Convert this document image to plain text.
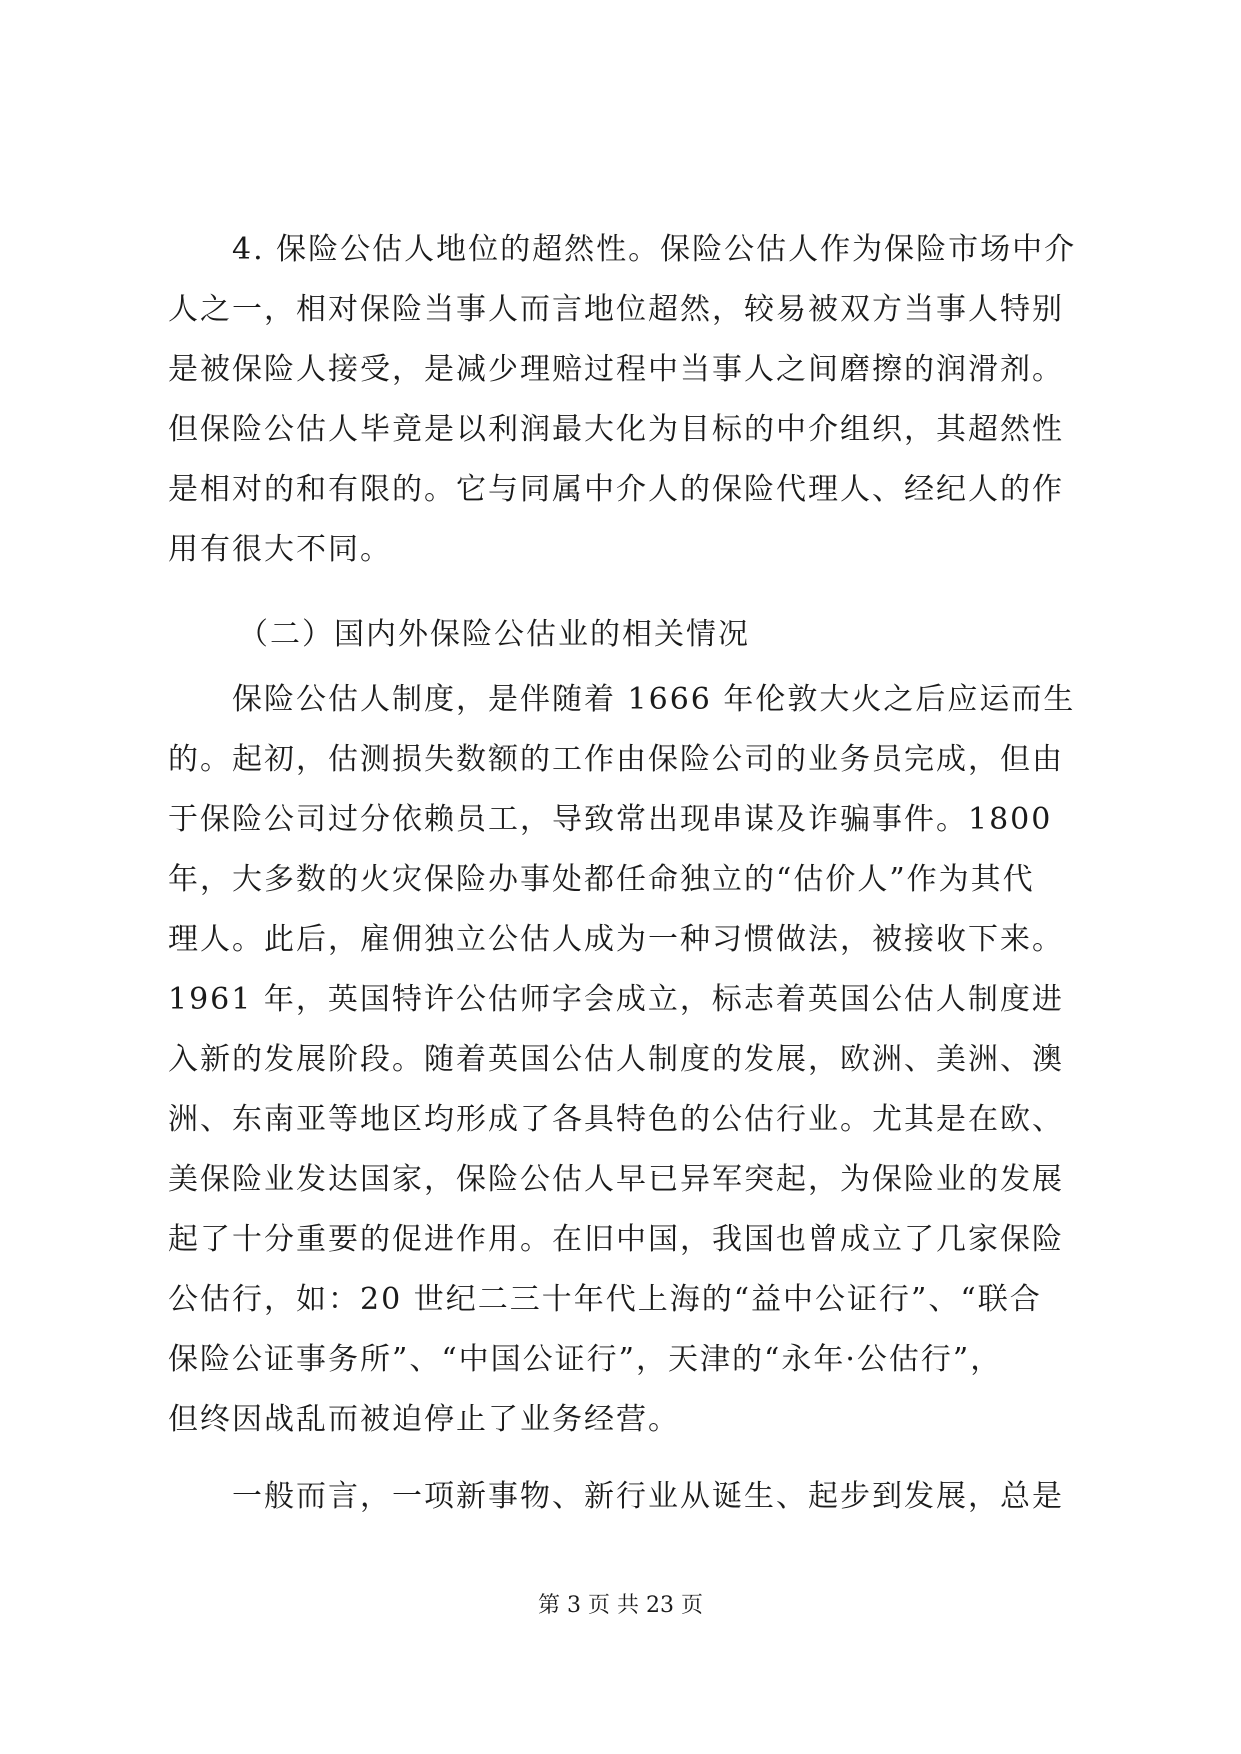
4. 保险公估人地位的超然性。保险公估人作为保险市场中介
人之一，相对保险当事人而言地位超然，较易被双方当事人特别
是被保险人接受，是减少理赔过程中当事人之间磨擦的润滑剂。
但保险公估人毕竟是以利润最大化为目标的中介组织，其超然性
是相对的和有限的。它与同属中介人的保险代理人、经纪人的作
用有很大不同。
（二）国内外保险公估业的相关情况
保险公估人制度，是伴随着 1666 年伦敦大火之后应运而生
的。起初，估测损失数额的工作由保险公司的业务员完成，但由
于保险公司过分依赖员工，导致常出现串谋及诈骗事件。1800
年，大多数的火灾保险办事处都任命独立的“估价人”作为其代
理人。此后，雇佣独立公估人成为一种习惯做法，被接收下来。
1961 年，英国特许公估师字会成立，标志着英国公估人制度进
入新的发展阶段。随着英国公估人制度的发展，欧洲、美洲、澳
洲、东南亚等地区均形成了各具特色的公估行业。尤其是在欧、
美保险业发达国家，保险公估人早已异军突起，为保险业的发展
起了十分重要的促进作用。在旧中国，我国也曾成立了几家保险
公估行，如：20 世纪二三十年代上海的“益中公证行”、“联合
保险公证事务所”、“中国公证行”，天津的“永年·公估行”，
但终因战乱而被迫停止了业务经营。
一般而言，一项新事物、新行业从诞生、起步到发展，总是
第 3 页 共 23 页
